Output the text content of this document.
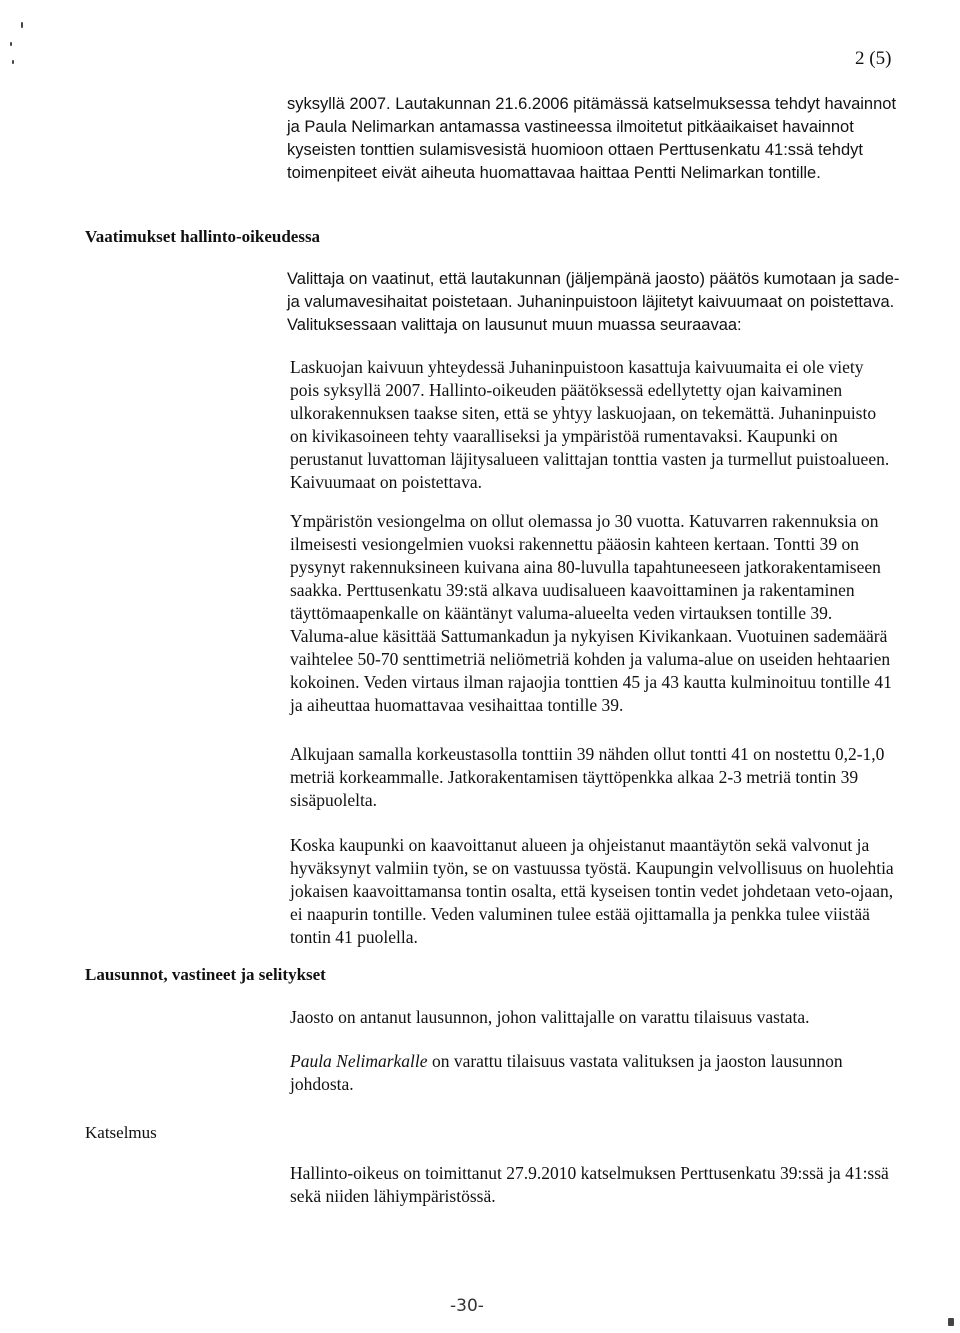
2 (5)

syksyllä 2007. Lautakunnan 21.6.2006 pitämässä katselmuksessa tehdyt havainnot ja Paula Nelimarkan antamassa vastineessa ilmoitetut pitkäaikaiset havainnot kyseisten tonttien sulamisvesistä huomioon ottaen Perttusenkatu 41:ssä tehdyt toimenpiteet eivät aiheuta huomattavaa haittaa Pentti Nelimarkan tontille.

Vaatimukset hallinto-oikeudessa

Valittaja on vaatinut, että lautakunnan (jäljempänä jaosto) päätös kumotaan ja sade- ja valumavesihaitat poistetaan. Juhaninpuistoon läjitetyt kaivuumaat on poistettava. Valituksessaan valittaja on lausunut muun muassa seuraavaa:

Laskuojan kaivuun yhteydessä Juhaninpuistoon kasattuja kaivuumaita ei ole viety pois syksyllä 2007. Hallinto-oikeuden päätöksessä edellytetty ojan kaivaminen ulkorakennuksen taakse siten, että se yhtyy laskuojaan, on tekemättä. Juhaninpuisto on kivikasoineen tehty vaaralliseksi ja ympäristöä rumentavaksi. Kaupunki on perustanut luvattoman läjitysalueen valittajan tonttia vasten ja turmellut puistoalueen. Kaivuumaat on poistettava.

Ympäristön vesiongelma on ollut olemassa jo 30 vuotta. Katuvarren rakennuksia on ilmeisesti vesiongelmien vuoksi rakennettu pääosin kahteen kertaan. Tontti 39 on pysynyt rakennuksineen kuivana aina 80-luvulla tapahtuneeseen jatkorakentamiseen saakka. Perttusenkatu 39:stä alkava uudisalueen kaavoittaminen ja rakentaminen täyttömaapenkalle on kääntänyt valuma-alueelta veden virtauksen tontille 39. Valuma-alue käsittää Sattumankadun ja nykyisen Kivikankaan. Vuotuinen sademäärä vaihtelee 50-70 senttimetriä neliömetriä kohden ja valuma-alue on useiden hehtaarien kokoinen. Veden virtaus ilman rajaojia tonttien 45 ja 43 kautta kulminoituu tontille 41 ja aiheuttaa huomattavaa vesihaittaa tontille 39.

Alkujaan samalla korkeustasolla tonttiin 39 nähden ollut tontti 41 on nostettu 0,2-1,0 metriä korkeammalle. Jatkorakentamisen täyttöpenkka alkaa 2-3 metriä tontin 39 sisäpuolelta.

Koska kaupunki on kaavoittanut alueen ja ohjeistanut maantäytön sekä valvonut ja hyväksynyt valmiin työn, se on vastuussa työstä. Kaupungin velvollisuus on huolehtia jokaisen kaavoittamansa tontin osalta, että kyseisen tontin vedet johdetaan veto-ojaan, ei naapurin tontille. Veden valuminen tulee estää ojittamalla ja penkka tulee viistää tontin 41 puolella.

Lausunnot, vastineet ja selitykset

Jaosto on antanut lausunnon, johon valittajalle on varattu tilaisuus vastata.

Paula Nelimarkalle on varattu tilaisuus vastata valituksen ja jaoston lausunnon johdosta.

Katselmus

Hallinto-oikeus on toimittanut 27.9.2010 katselmuksen Perttusenkatu 39:ssä ja 41:ssä sekä niiden lähiympäristössä.

-30-
